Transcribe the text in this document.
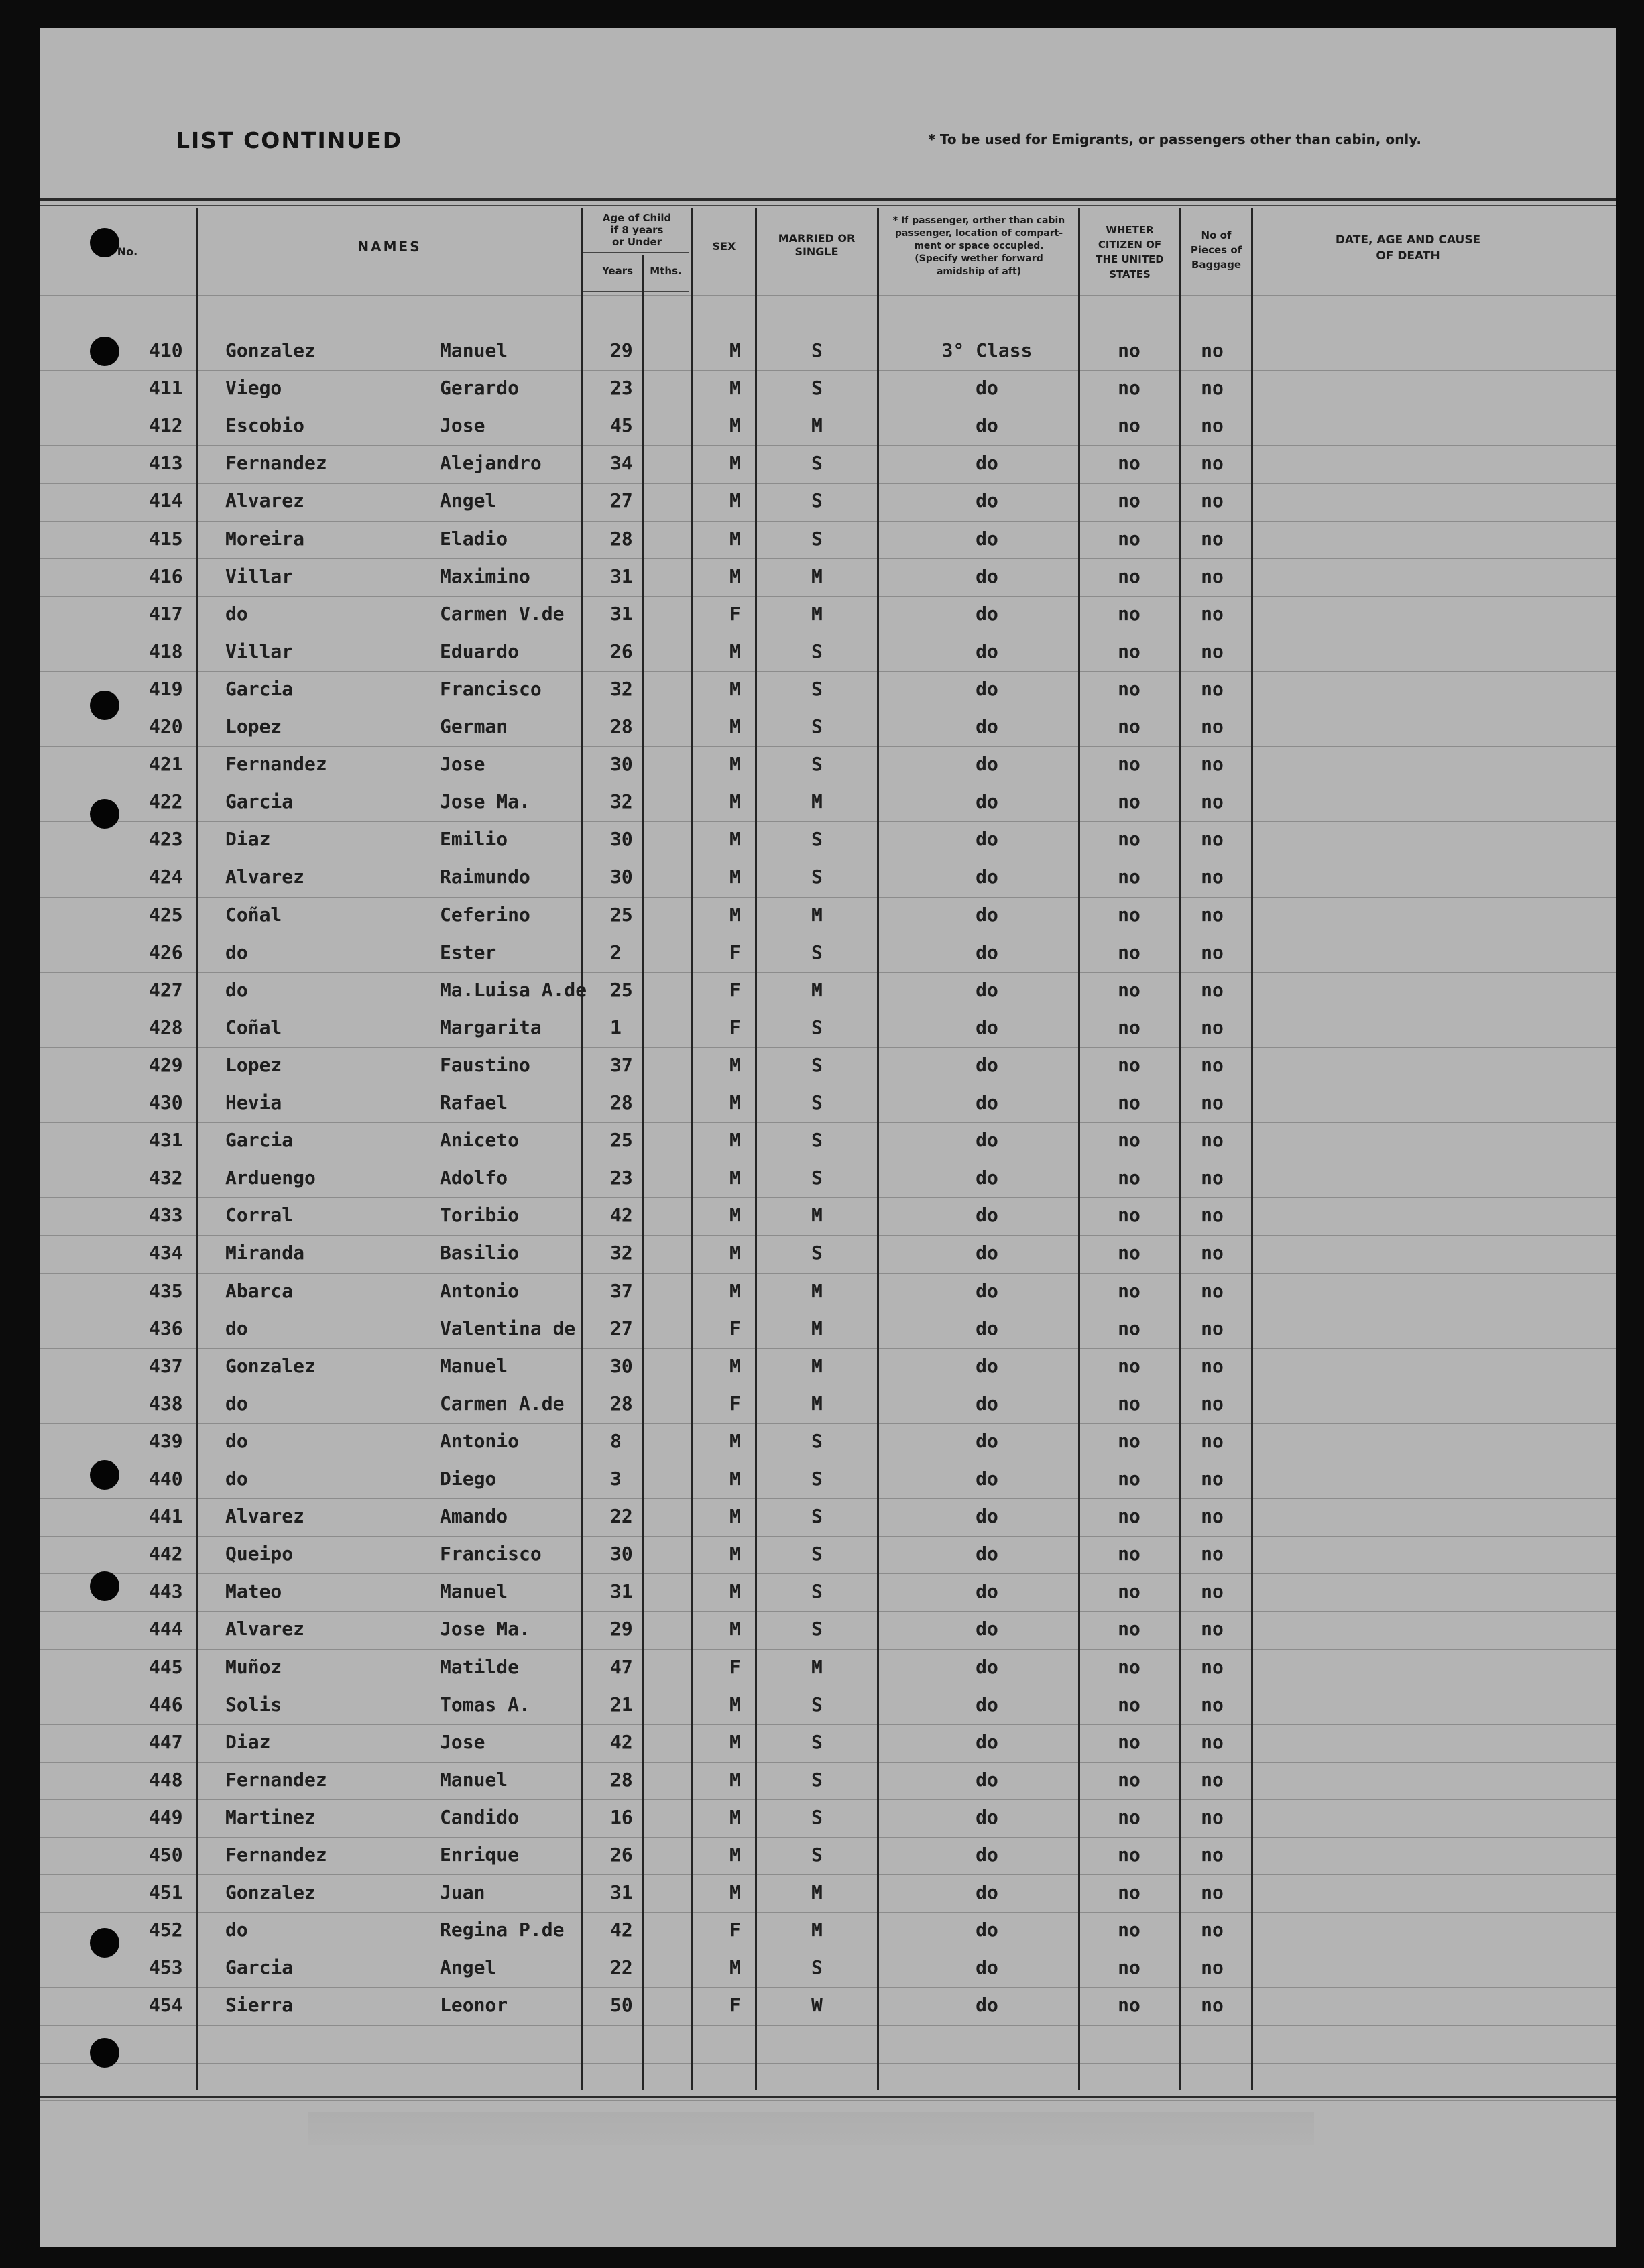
LIST CONTINUED	* To be used for Emigrants, or passengers other than cabin, only.
No.	NAMES
Age of Child
if 8 years
or Under
Years	Mths.
SEX
MARRIED OR
SINGLE
* If passenger, orther than cabin
passenger, location of compart-
ment or space occupied.
(Specify wether forward
amidship of aft)
WHETER
CITIZEN OF
THE UNITED
STATES
No of
Pieces of
Baggage
DATE, AGE AND CAUSE
OF DEATH
410 Gonzalez	Manuel	29	M	S	3° Class	no	no
411 Viego	Gerardo	23	M	S	do	no	no
412 Escobio	Jose	45	M	M	do	no	no
413 Fernandez	Alejandro	34	M	S	do	no	no
414 Alvarez	Angel	27	M	S	do	no	no
415 Moreira	Eladio	28	M	S	do	no	no
416 Villar	Maximino	31	M	M	do	no	no
417 do	Carmen V.de 31	F	M	do	no	no
418 Villar	Eduardo	26	M	S	do	no	no
419 Garcia	Francisco	32	M	S	do	no	no
420 Lopez	German	28	M	S	do	no	no
421 Fernandez	Jose	30	M	S	do	no	no
422 Garcia	Jose Ma.	32	M	M	do	no	no
423 Diaz	Emilio	30	M	S	do	no	no
424 Alvarez	Raimundo	30	M	S	do	no	no
425 Coñal	Ceferino	25	M	M	do	no	no
426 do	Ester	2	F	S	do	no	no
427 do	Ma.Luisa A.de 25	F	M	do	no	no
428 Coñal	Margarita	1	F	S	do	no	no
429 Lopez	Faustino	37	M	S	do	no	no
430 Hevia	Rafael	28	M	S	do	no	no
431 Garcia	Aniceto	25	M	S	do	no	no
432 Arduengo	Adolfo	23	M	S	do	no	no
433 Corral	Toribio	42	M	M	do	no	no
434 Miranda	Basilio	32	M	S	do	no	no
435 Abarca	Antonio	37	M	M	do	no	no
436 do	Valentina de 27	F	M	do	no	no
437 Gonzalez	Manuel	30	M	M	do	no	no
438 do	Carmen A.de 28	F	M	do	no	no
439 do	Antonio	8	M	S	do	no	no
440 do	Diego	3	M	S	do	no	no
441 Alvarez	Amando	22	M	S	do	no	no
442 Queipo	Francisco	30	M	S	do	no	no
443 Mateo	Manuel	31	M	S	do	no	no
444 Alvarez	Jose Ma.	29	M	S	do	no	no
445 Muñoz	Matilde	47	F	M	do	no	no
446 Solis	Tomas A.	21	M	S	do	no	no
447 Diaz	Jose	42	M	S	do	no	no
448 Fernandez	Manuel	28	M	S	do	no	no
449 Martinez	Candido	16	M	S	do	no	no
450 Fernandez	Enrique	26	M	S	do	no	no
451 Gonzalez	Juan	31	M	M	do	no	no
452 do	Regina P.de 42	F	M	do	no	no
453 Garcia	Angel	22	M	S	do	no	no
454 Sierra	Leonor	50	F	W	do	no	no
